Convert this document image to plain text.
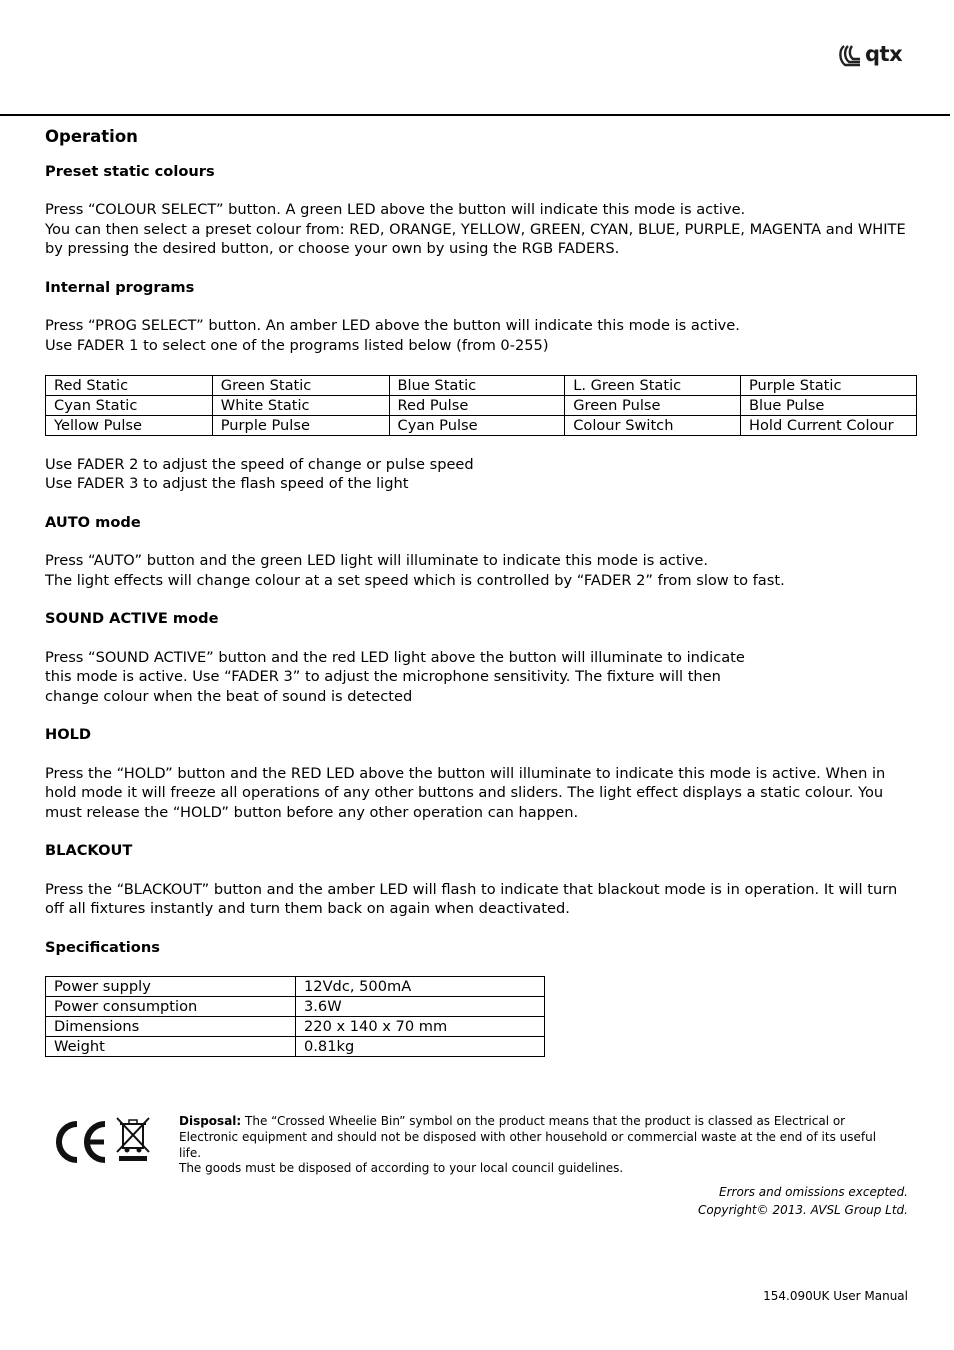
qtx
Operation
Preset static colours

Press “COLOUR SELECT” button. A green LED above the button will indicate this mode is active.
You can then select a preset colour from: RED, ORANGE, YELLOW, GREEN, CYAN, BLUE, PURPLE, MAGENTA and WHITE by pressing the desired button, or choose your own by using the RGB FADERS.

Internal programs

Press “PROG SELECT” button. An amber LED above the button will indicate this mode is active.
Use FADER 1 to select one of the programs listed below (from 0-255)

Red Static	Green Static	Blue Static	L. Green Static	Purple Static
Cyan Static	White Static	Red Pulse	Green Pulse	Blue Pulse
Yellow Pulse	Purple Pulse	Cyan Pulse	Colour Switch	Hold Current Colour

Use FADER 2 to adjust the speed of change or pulse speed
Use FADER 3 to adjust the flash speed of the light

AUTO mode

Press “AUTO” button and the green LED light will illuminate to indicate this mode is active.
The light effects will change colour at a set speed which is controlled by “FADER 2” from slow to fast.

SOUND ACTIVE mode

Press “SOUND ACTIVE” button and the red LED light above the button will illuminate to indicate
this mode is active. Use “FADER 3” to adjust the microphone sensitivity. The fixture will then
change colour when the beat of sound is detected

HOLD

Press the “HOLD” button and the RED LED above the button will illuminate to indicate this mode is active. When in hold mode it will freeze all operations of any other buttons and sliders. The light effect displays a static colour. You must release the “HOLD” button before any other operation can happen.

BLACKOUT

Press the “BLACKOUT” button and the amber LED will flash to indicate that blackout mode is in operation. It will turn off all fixtures instantly and turn them back on again when deactivated.

Specifications
Power supply	12Vdc, 500mA
Power consumption	3.6W
Dimensions	220 x 140 x 70 mm
Weight	0.81kg
Disposal: The “Crossed Wheelie Bin” symbol on the product means that the product is classed as Electrical or
Electronic equipment and should not be disposed with other household or commercial waste at the end of its useful life.
The goods must be disposed of according to your local council guidelines.
Errors and omissions excepted.
Copyright© 2013. AVSL Group Ltd.
154.090UK User Manual
